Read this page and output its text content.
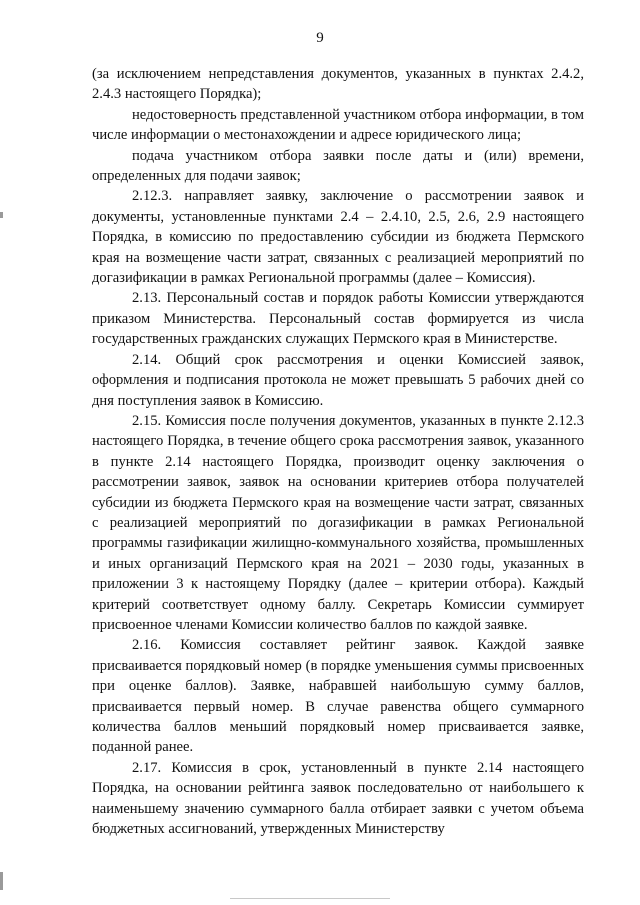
9

(за исключением непредставления документов, указанных в пунктах 2.4.2, 2.4.3 настоящего Порядка);

недостоверность представленной участником отбора информации, в том числе информации о местонахождении и адресе юридического лица;

подача участником отбора заявки после даты и (или) времени, определенных для подачи заявок;

2.12.3. направляет заявку, заключение о рассмотрении заявок и документы, установленные пунктами 2.4 – 2.4.10, 2.5, 2.6, 2.9 настоящего Порядка, в комиссию по предоставлению субсидии из бюджета Пермского края на возмещение части затрат, связанных с реализацией мероприятий по догазификации в рамках Региональной программы (далее – Комиссия).

2.13. Персональный состав и порядок работы Комиссии утверждаются приказом Министерства. Персональный состав формируется из числа государственных гражданских служащих Пермского края в Министерстве.

2.14. Общий срок рассмотрения и оценки Комиссией заявок, оформления и подписания протокола не может превышать 5 рабочих дней со дня поступления заявок в Комиссию.

2.15. Комиссия после получения документов, указанных в пункте 2.12.3 настоящего Порядка, в течение общего срока рассмотрения заявок, указанного в пункте 2.14 настоящего Порядка, производит оценку заключения о рассмотрении заявок, заявок на основании критериев отбора получателей субсидии из бюджета Пермского края на возмещение части затрат, связанных с реализацией мероприятий по догазификации в рамках Региональной программы газификации жилищно-коммунального хозяйства, промышленных и иных организаций Пермского края на 2021 – 2030 годы, указанных в приложении 3 к настоящему Порядку (далее – критерии отбора). Каждый критерий соответствует одному баллу. Секретарь Комиссии суммирует присвоенное членами Комиссии количество баллов по каждой заявке.

2.16. Комиссия составляет рейтинг заявок. Каждой заявке присваивается порядковый номер (в порядке уменьшения суммы присвоенных при оценке баллов). Заявке, набравшей наибольшую сумму баллов, присваивается первый номер. В случае равенства общего суммарного количества баллов меньший порядковый номер присваивается заявке, поданной ранее.

2.17. Комиссия в срок, установленный в пункте 2.14 настоящего Порядка, на основании рейтинга заявок последовательно от наибольшего к наименьшему значению суммарного балла отбирает заявки с учетом объема бюджетных ассигнований, утвержденных Министерству
